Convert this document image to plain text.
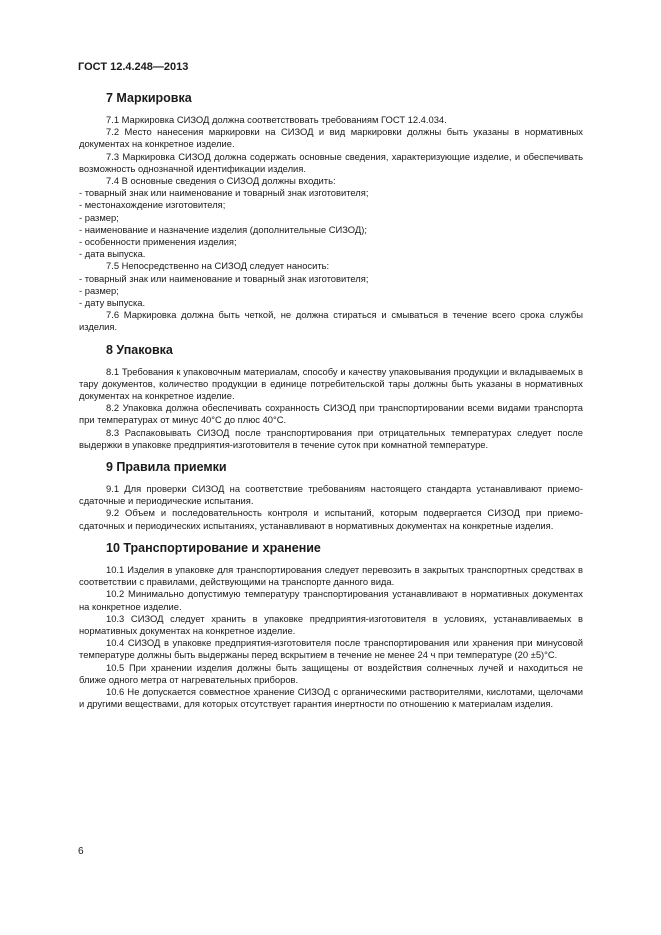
ГОСТ 12.4.248—2013
7 Маркировка

7.1 Маркировка СИЗОД должна соответствовать требованиям ГОСТ 12.4.034.

7.2 Место нанесения маркировки на СИЗОД и вид маркировки должны быть указаны в нормативных документах на конкретное изделие.

7.3 Маркировка СИЗОД должна содержать основные сведения, характеризующие изделие, и обеспечивать возможность однозначной идентификации изделия.

7.4 В основные сведения о СИЗОД должны входить:

- товарный знак или наименование и товарный знак изготовителя;
- местонахождение изготовителя;
- размер;
- наименование и назначение изделия (дополнительные СИЗОД);
- особенности применения изделия;
- дата выпуска.

7.5 Непосредственно на СИЗОД следует наносить:

- товарный знак или наименование и товарный знак изготовителя;
- размер;
- дату выпуска.

7.6 Маркировка должна быть четкой, не должна стираться и смываться в течение всего срока службы изделия.

8 Упаковка

8.1 Требования к упаковочным материалам, способу и качеству упаковывания продукции и вкладываемых в тару документов, количество продукции в единице потребительской тары должны быть указаны в нормативных документах на конкретное изделие.

8.2 Упаковка должна обеспечивать сохранность СИЗОД при транспортировании всеми видами транспорта при температурах от минус 40°С до плюс 40°С.

8.3 Распаковывать СИЗОД после транспортирования при отрицательных температурах следует после выдержки в упаковке предприятия-изготовителя в течение суток при комнатной температуре.

9 Правила приемки

9.1 Для проверки СИЗОД на соответствие требованиям настоящего стандарта устанавливают приемо-сдаточные и периодические испытания.

9.2 Объем и последовательность контроля и испытаний, которым подвергается СИЗОД при приемо-сдаточных и периодических испытаниях, устанавливают в нормативных документах на конкретные изделия.

10 Транспортирование и хранение

10.1 Изделия в упаковке для транспортирования следует перевозить в закрытых транспортных средствах в соответствии с правилами, действующими на транспорте данного вида.

10.2 Минимально допустимую температуру транспортирования устанавливают в нормативных документах на конкретное изделие.

10.3 СИЗОД следует хранить в упаковке предприятия-изготовителя в условиях, устанавливаемых в нормативных документах на конкретное изделие.

10.4 СИЗОД в упаковке предприятия-изготовителя после транспортирования или хранения при минусовой температуре должны быть выдержаны перед вскрытием в течение не менее 24 ч при температуре (20 ±5)°С.

10.5 При хранении изделия должны быть защищены от воздействия солнечных лучей и находиться не ближе одного метра от нагревательных приборов.

10.6 Не допускается совместное хранение СИЗОД с органическими растворителями, кислотами, щелочами и другими веществами, для которых отсутствует гарантия инертности по отношению к материалам изделия.

6
